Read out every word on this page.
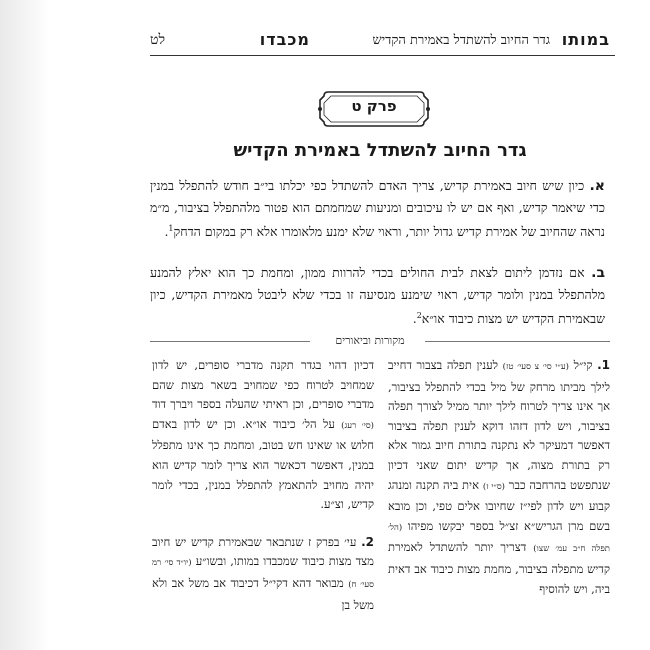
במותו
גדר החיוב להשתדל באמירת הקדיש
מכבדו
לט
פרק ט
גדר החיוב להשתדל באמירת הקדיש
א. כיון שיש חיוב באמירת קדיש, צריך האדם להשתדל כפי יכלתו בי״ב חודש להתפלל במנין כדי שיאמר קדיש, ואף אם יש לו עיכובים ומניעות שמחמתם הוא פטור מלהתפלל בציבור, מ״מ נראה שהחיוב של אמירת קדיש גדול יותר, וראוי שלא ימנע מלאומרו אלא רק במקום הדחק$^1$.
ב. אם נזדמן ליתום לצאת לבית החולים בכדי להרוות ממון, ומחמת כך הוא יאלץ להמנע מלהתפלל במנין ולומר קדיש, ראוי שימנע מנסיעה זו בכדי שלא ליבטל מאמירת הקדיש, כיון שבאמירת הקדיש יש מצות כיבוד או״א$^2$.
מקורות וביאורים
1. קי״ל (ע״י סי׳ צ סעי׳ טז) לענין תפלה בצבור דחייב לילך מביתו מרחק של מיל בכדי להתפלל בציבור, אך אינו צריך לטרוח לילך יותר ממיל לצורך תפלה בציבור, ויש לדון דזהו דוקא לענין תפלה בציבור דאפשר דמעיקר לא נתקנה בתורת חיוב גמור אלא רק בתורת מצוה, אך קדיש יתום שאני דכיון שנתפשט בהרחבה כבר (ס״י ז) אית ביה תקנה ומנהג קבוע ויש לדון לפי״ז שחיובו אלים טפי, וכן מובא בשם מרן הגריש״א זצ״ל בספר יבקשו מפיהו (הל׳ תפלה ח״ב עמ׳ שצו) דצריך יותר להשתדל לאמירת קדיש מתפלה בציבור, מחמת מצות כיבוד אב דאית ביה, ויש להוסיף
דכיון דהוי בגדר תקנה מדברי סופרים, יש לדון שמחויב לטרוח כפי שמחויב בשאר מצות שהם מדברי סופרים, וכן ראיתי שהעלה בספר ויברך דוד (סי׳ רעג) על הל׳ כיבוד או״א. וכן יש לדון באדם חלוש או שאינו חש בטוב, ומחמת כך אינו מתפלל במנין, דאפשר דכאשר הוא צריך לומר קדיש הוא יהיה מחויב להתאמץ להתפלל במנין, בכדי לומר קדיש, וצ״ע.
2. עי׳ בפרק ז שנתבאר שבאמירת קדיש יש חיוב מצד מצות כיבוד שמכבדו במותו, ובשו״ע (יו״ד סי׳ רמ סעי׳ ח) מבואר דהא דקי״ל דכיבוד אב משל אב ולא משל בן
